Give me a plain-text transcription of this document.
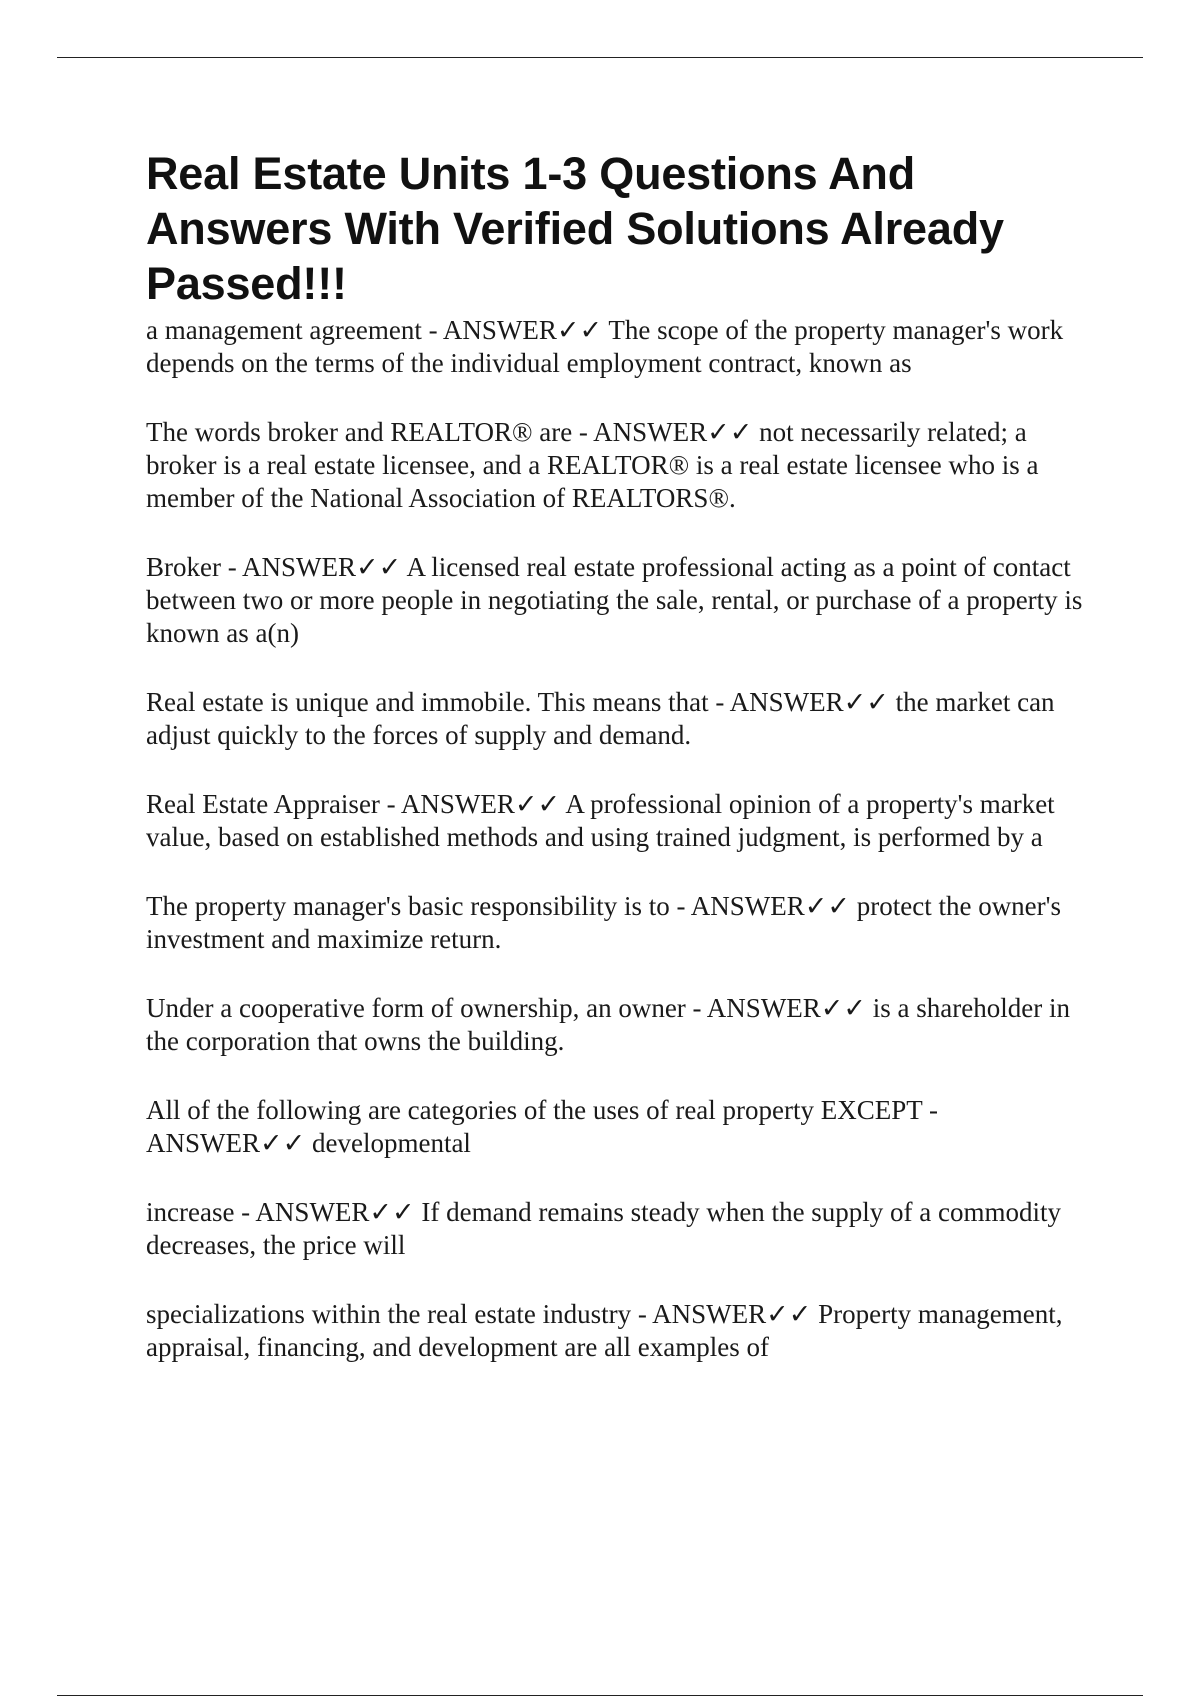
Real Estate Units 1-3 Questions And Answers With Verified Solutions Already Passed!!!

a management agreement - ANSWER✓✓ The scope of the property manager's work depends on the terms of the individual employment contract, known as

The words broker and REALTOR® are - ANSWER✓✓ not necessarily related; a broker is a real estate licensee, and a REALTOR® is a real estate licensee who is a member of the National Association of REALTORS®.

Broker - ANSWER✓✓ A licensed real estate professional acting as a point of contact between two or more people in negotiating the sale, rental, or purchase of a property is known as a(n)

Real estate is unique and immobile. This means that - ANSWER✓✓ the market can adjust quickly to the forces of supply and demand.

Real Estate Appraiser - ANSWER✓✓ A professional opinion of a property's market value, based on established methods and using trained judgment, is performed by a

The property manager's basic responsibility is to - ANSWER✓✓ protect the owner's investment and maximize return.

Under a cooperative form of ownership, an owner - ANSWER✓✓ is a shareholder in the corporation that owns the building.

All of the following are categories of the uses of real property EXCEPT - ANSWER✓✓ developmental

increase - ANSWER✓✓ If demand remains steady when the supply of a commodity decreases, the price will

specializations within the real estate industry - ANSWER✓✓ Property management, appraisal, financing, and development are all examples of
